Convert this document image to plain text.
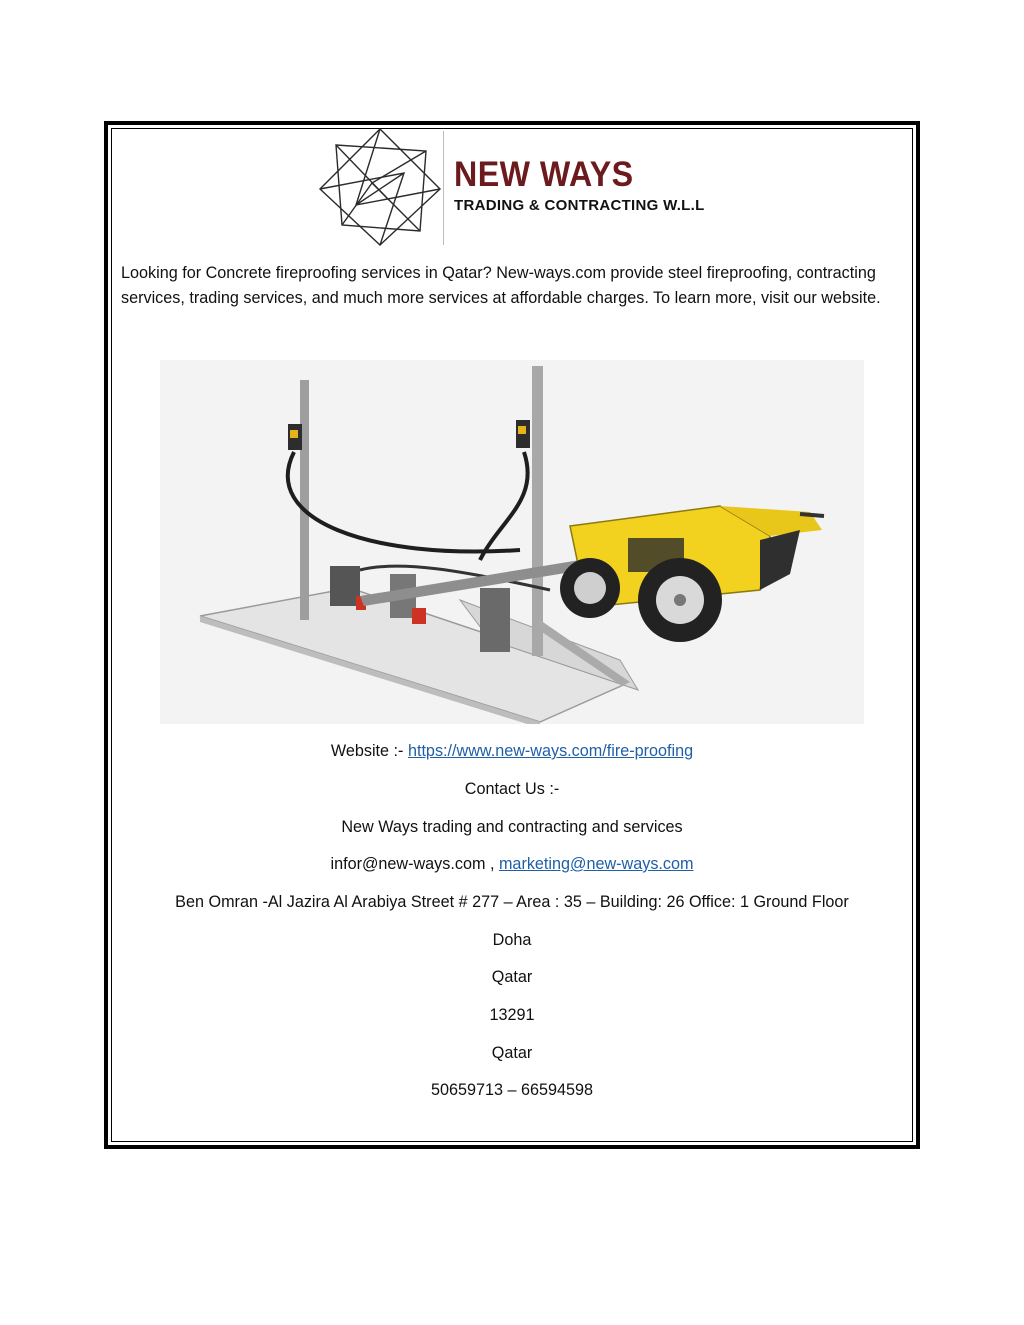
NEW WAYS
TRADING & CONTRACTING W.L.L

Looking for Concrete fireproofing services in Qatar? New-ways.com provide steel fireproofing, contracting services, trading services, and much more services at affordable charges. To learn more, visit our website.

Website :- https://www.new-ways.com/fire-proofing
Contact Us :-
New Ways trading and contracting and services
infor@new-ways.com , marketing@new-ways.com
Ben Omran -Al Jazira Al Arabiya Street # 277 – Area : 35 – Building: 26 Office: 1 Ground Floor
Doha
Qatar
13291
Qatar
50659713 – 66594598
